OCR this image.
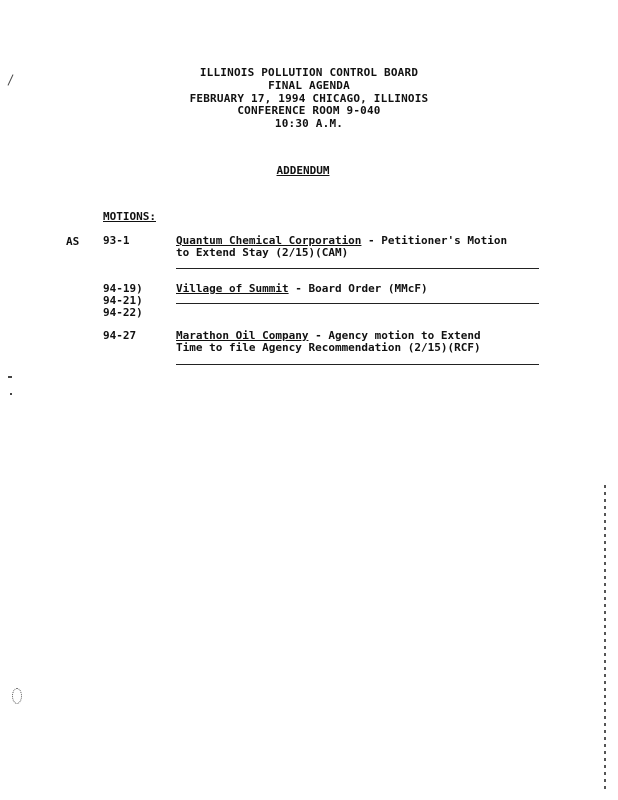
ILLINOIS POLLUTION CONTROL BOARD
FINAL AGENDA
FEBRUARY 17, 1994 CHICAGO, ILLINOIS
CONFERENCE ROOM 9-040
10:30 A.M.
ADDENDUM
MOTIONS:
AS 93-1	Quantum Chemical Corporation - Petitioner's Motion
to Extend Stay (2/15)(CAM)
94-19)
94-21)
94-22)
Village of Summit - Board Order (MMcF)
94-27	Marathon Oil Company - Agency motion to Extend
Time to file Agency Recommendation (2/15)(RCF)
